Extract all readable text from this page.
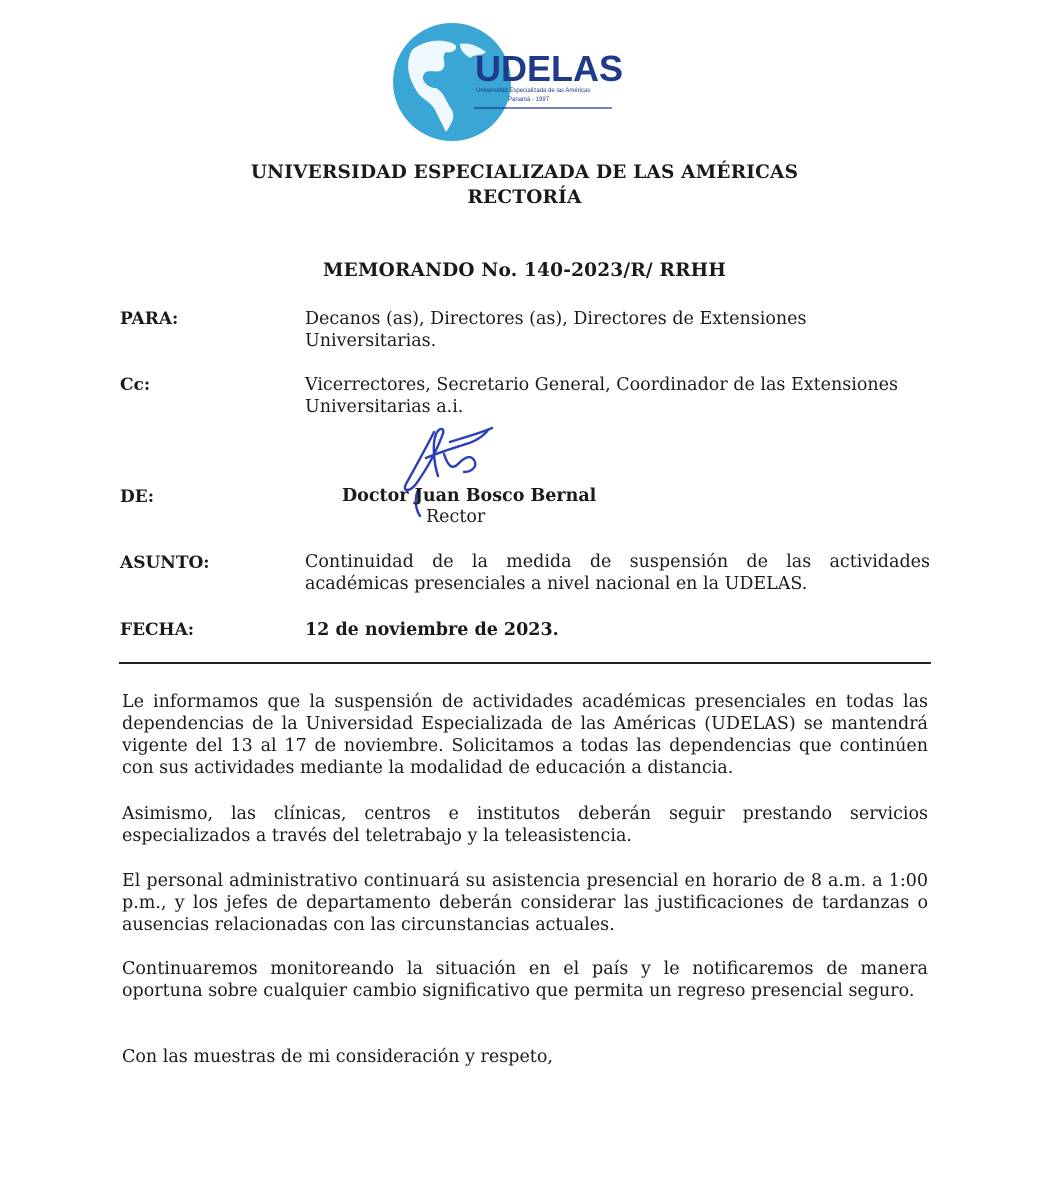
UDELAS
Universidad Especializada de las Américas
Panamá - 1997
UNIVERSIDAD ESPECIALIZADA DE LAS AMÉRICAS
RECTORÍA
MEMORANDO No. 140-2023/R/ RRHH
PARA:	Decanos (as), Directores (as), Directores de Extensiones Universitarias.
Cc:	Vicerrectores, Secretario General, Coordinador de las Extensiones Universitarias a.i.
DE:	Doctor Juan Bosco Bernal
Rector
ASUNTO:	Continuidad de la medida de suspensión de las actividades académicas presenciales a nivel nacional en la UDELAS.
FECHA:	12 de noviembre de 2023.
Le informamos que la suspensión de actividades académicas presenciales en todas las dependencias de la Universidad Especializada de las Américas (UDELAS) se mantendrá vigente del 13 al 17 de noviembre. Solicitamos a todas las dependencias que continúen con sus actividades mediante la modalidad de educación a distancia.
Asimismo, las clínicas, centros e institutos deberán seguir prestando servicios especializados a través del teletrabajo y la teleasistencia.
El personal administrativo continuará su asistencia presencial en horario de 8 a.m. a 1:00 p.m., y los jefes de departamento deberán considerar las justificaciones de tardanzas o ausencias relacionadas con las circunstancias actuales.
Continuaremos monitoreando la situación en el país y le notificaremos de manera oportuna sobre cualquier cambio significativo que permita un regreso presencial seguro.
Con las muestras de mi consideración y respeto,
